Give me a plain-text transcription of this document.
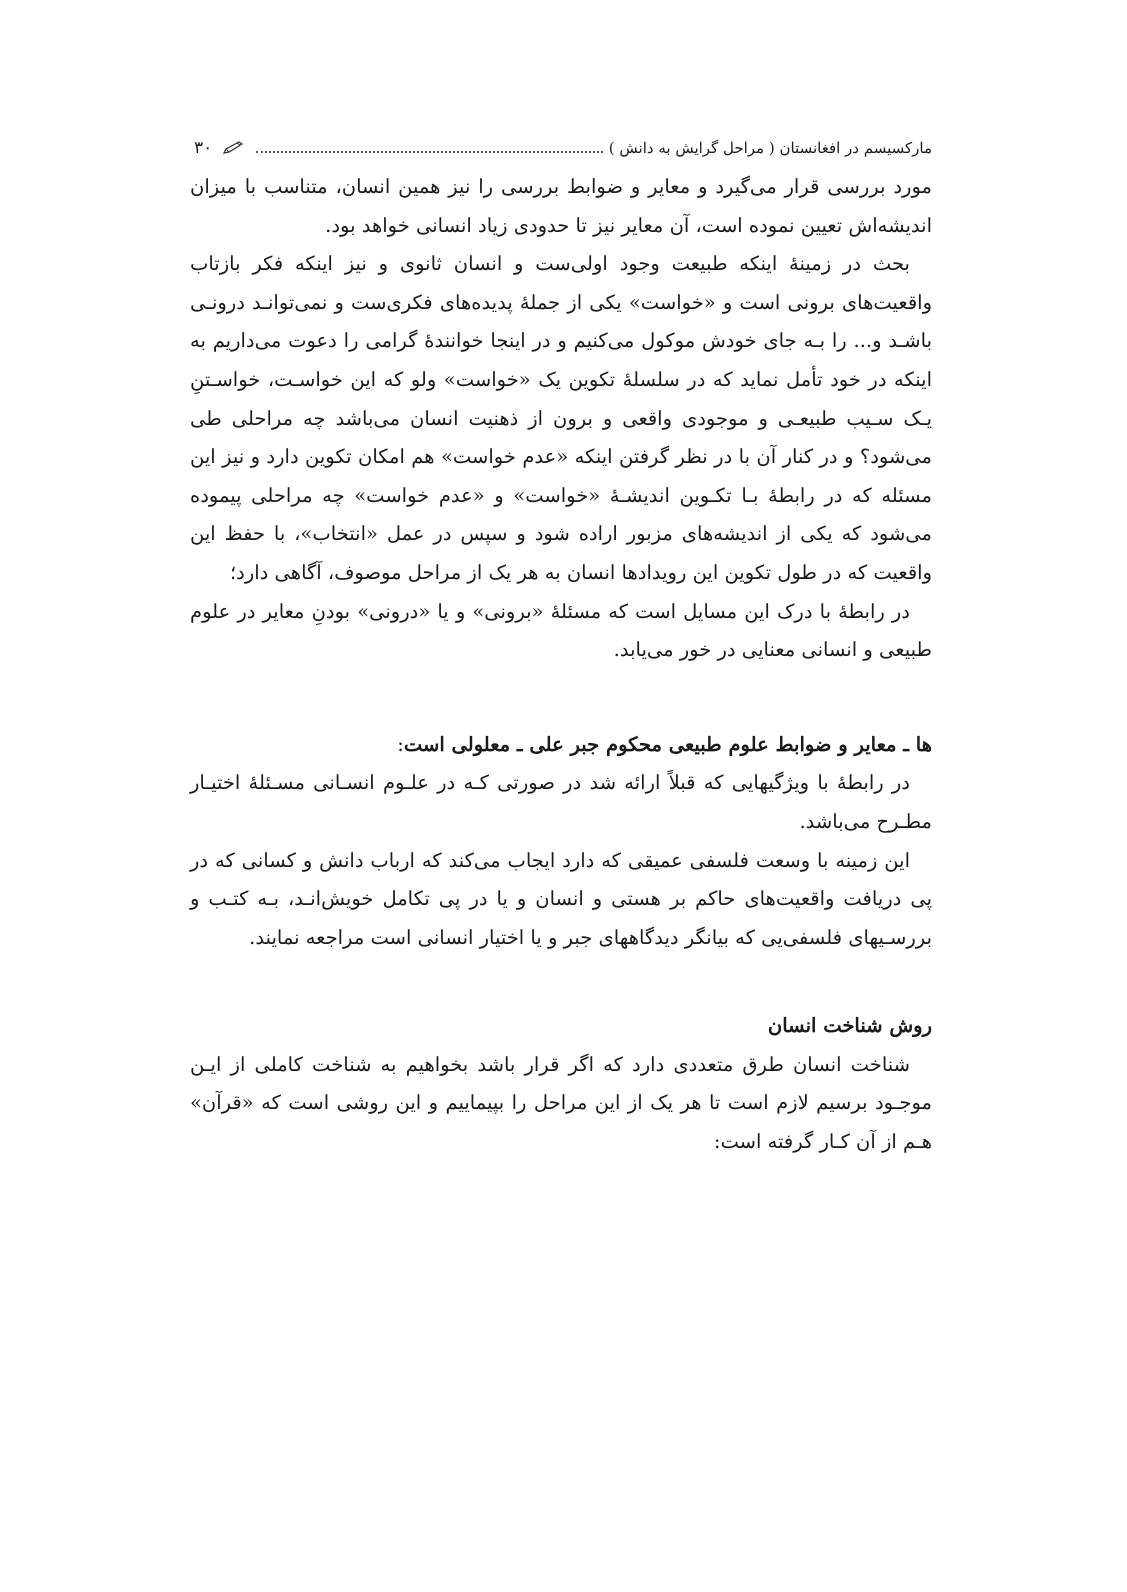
مارکسیسم در افغانستان ( مراحل گرایش به دانش )
۳۰

مورد بررسی قرار می‌گیرد و معایر و ضوابط بررسی را نیز همین انسان، متناسب با میزان اندیشه‌اش تعیین نموده است، آن معایر نیز تا حدودی زیاد انسانی خواهد بود.

بحث در زمینهٔ اینکه طبیعت وجود اولی‌ست و انسان ثانوی و نیز اینکه فکر بازتاب واقعیت‌های برونی است و «خواست» یکی از جملهٔ پدیده‌های فکری‌ست و نمی‌توانـد درونـی باشـد و... را بـه جای خودش موکول می‌کنیم و در اینجا خوانندهٔ گرامی را دعوت می‌داریم به اینکه در خود تأمل نماید که در سلسلهٔ تکوین یک «خواست» ولو که این خواسـت، خواسـتنِ یـک سـیب طبیعـی و موجودی واقعی و برون از ذهنیت انسان می‌باشد چه مراحلی طی می‌شود؟ و در کنار آن با در نظر گرفتن اینکه «عدم خواست» هم امکان تکوین دارد و نیز این مسئله که در رابطهٔ بـا تکـوین اندیشـهٔ «خواست» و «عدم خواست» چه مراحلی پیموده می‌شود که یکی از اندیشه‌های مزبور اراده شود و سپس در عمل «انتخاب»، با حفظ این واقعیت که در طول تکوین این رویدادها انسان به هر یک از مراحل موصوف، آگاهی دارد؛

در رابطهٔ با درک این مسایل است که مسئلهٔ «برونی» و یا «درونی» بودنِ معایر در علوم طبیعی و انسانی معنایی در خور می‌یابد.

ها ـ معایر و ضوابط علوم طبیعی محکوم جبر علی ـ معلولی است:

در رابطهٔ با ویژگیهایی که قبلاً ارائه شد در صورتی کـه در علـوم انسـانی مسـئلهٔ اختیـار مطـرح می‌باشد.

این زمینه با وسعت فلسفی عمیقی که دارد ایجاب می‌کند که ارباب دانش و کسانی که در پی دریافت واقعیت‌های حاکم بر هستی و انسان و یا در پی تکامل خویش‌انـد، بـه کتـب و بررسـیهای فلسفی‌یی که بیانگر دیدگاههای جبر و یا اختیار انسانی است مراجعه نمایند.

روش شناخت انسان

شناخت انسان طرق متعددی دارد که اگر قرار باشد بخواهیم به شناخت کاملی از ایـن موجـود برسیم لازم است تا هر یک از این مراحل را بپیماییم و این روشی است که «قرآن» هـم از آن کـار گرفته است:
